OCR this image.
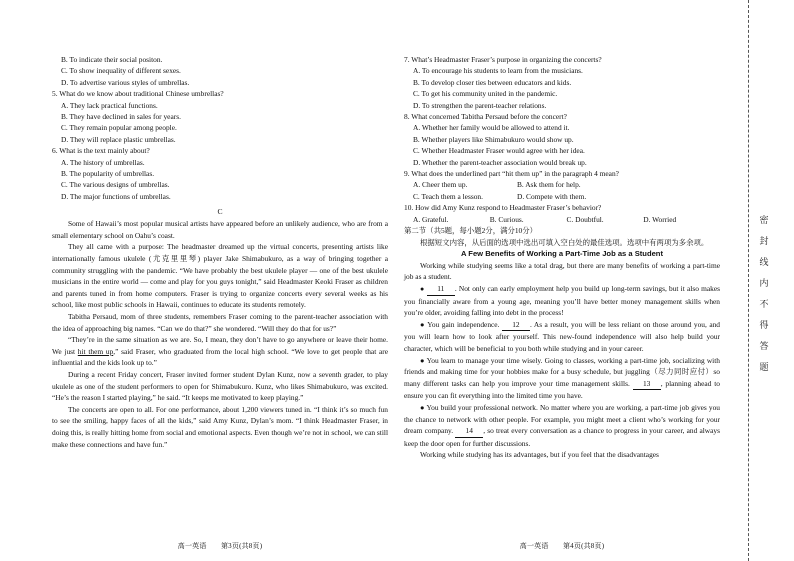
B. To indicate their social positon.
C. To show inequality of different sexes.
D. To advertise various styles of umbrellas.
5. What do we know about traditional Chinese umbrellas?
A. They lack practical functions.
B. They have declined in sales for years.
C. They remain popular among people.
D. They will replace plastic umbrellas.
6. What is the text mainly about?
A. The history of umbrellas.
B. The popularity of umbrellas.
C. The various designs of umbrellas.
D. The major functions of umbrellas.
C

Some of Hawaii’s most popular musical artists have appeared before an unlikely audience, who are from a small elementary school on Oahu’s coast.

They all came with a purpose: The headmaster dreamed up the virtual concerts, presenting artists like internationally famous ukulele (尤克里里琴) player Jake Shimabukuro, as a way of bringing together a community struggling with the pandemic. “We have probably the best ukulele player — one of the best ukulele musicians in the entire world — come and play for you guys tonight,” said Headmaster Keoki Fraser as children and parents tuned in from home computers. Fraser is trying to organize concerts every several weeks as his school, like most public schools in Hawaii, continues to educate its students remotely.

Tabitha Persaud, mom of three students, remembers Fraser coming to the parent-teacher association with the idea of approaching big names. “Can we do that?” she wondered. “Will they do that for us?”

“They’re in the same situation as we are. So, I mean, they don’t have to go anywhere or leave their home. We just hit them up,” said Fraser, who graduated from the local high school. “We love to get people that are influential and the kids look up to.”

During a recent Friday concert, Fraser invited former student Dylan Kunz, now a seventh grader, to play ukulele as one of the student performers to open for Shimabukuro. Kunz, who likes Shimabukuro, was excited. “He’s the reason I started playing,” he said. “It keeps me motivated to keep playing.”

The concerts are open to all. For one performance, about 1,200 viewers tuned in. “I think it’s so much fun to see the smiling, happy faces of all the kids,” said Amy Kunz, Dylan’s mom. “I think Headmaster Fraser, in doing this, is really hitting home from social and emotional aspects. Even though we’re not in school, we can still make these connections and have fun.”

高一英语　　第3页(共8页)
7. What’s Headmaster Fraser’s purpose in organizing the concerts?
A. To encourage his students to learn from the musicians.
B. To develop closer ties between educators and kids.
C. To get his community united in the pandemic.
D. To strengthen the parent-teacher relations.
8. What concerned Tabitha Persaud before the concert?
A. Whether her family would be allowed to attend it.
B. Whether players like Shimabukuro would show up.
C. Whether Headmaster Fraser would agree with her idea.
D. Whether the parent-teacher association would break up.
9. What does the underlined part “hit them up” in the paragraph 4 mean?
A. Cheer them up.	B. Ask them for help.
C. Teach them a lesson.	D. Compete with them.
10. How did Amy Kunz respond to Headmaster Fraser’s behavior?
A. Grateful.	B. Curious.	C. Doubtful.	D. Worried
第二节（共5题，每小题2分，满分10分）
根据短文内容，从后面的选项中选出可填入空白处的最佳选项。选项中有两项为多余项。
A Few Benefits of Working a Part-Time Job as a Student

Working while studying seems like a total drag, but there are many benefits of working a part-time job as a student.

● 11 . Not only can early employment help you build up long-term savings, but it also makes you financially aware from a young age, meaning you’ll have better money management skills when you’re older, avoiding falling into debt in the process!

● You gain independence. 12 . As a result, you will be less reliant on those around you, and you will learn how to look after yourself. This new-found independence will also help build your character, which will be beneficial to you both while studying and in your career.

● You learn to manage your time wisely. Going to classes, working a part-time job, socializing with friends and making time for your hobbies make for a busy schedule, but juggling（尽力同时应付）so many different tasks can help you improve your time management skills. 13 , planning ahead to ensure you can fit everything into the limited time you have.

● You build your professional network. No matter where you are working, a part-time job gives you the chance to network with other people. For example, you might meet a client who’s working for your dream company. 14 , so treat every conversation as a chance to progress in your career, and always keep the door open for further discussions.

Working while studying has its advantages, but if you feel that the disadvantages

高一英语　　第4页(共8页)
密封线内不得答题
